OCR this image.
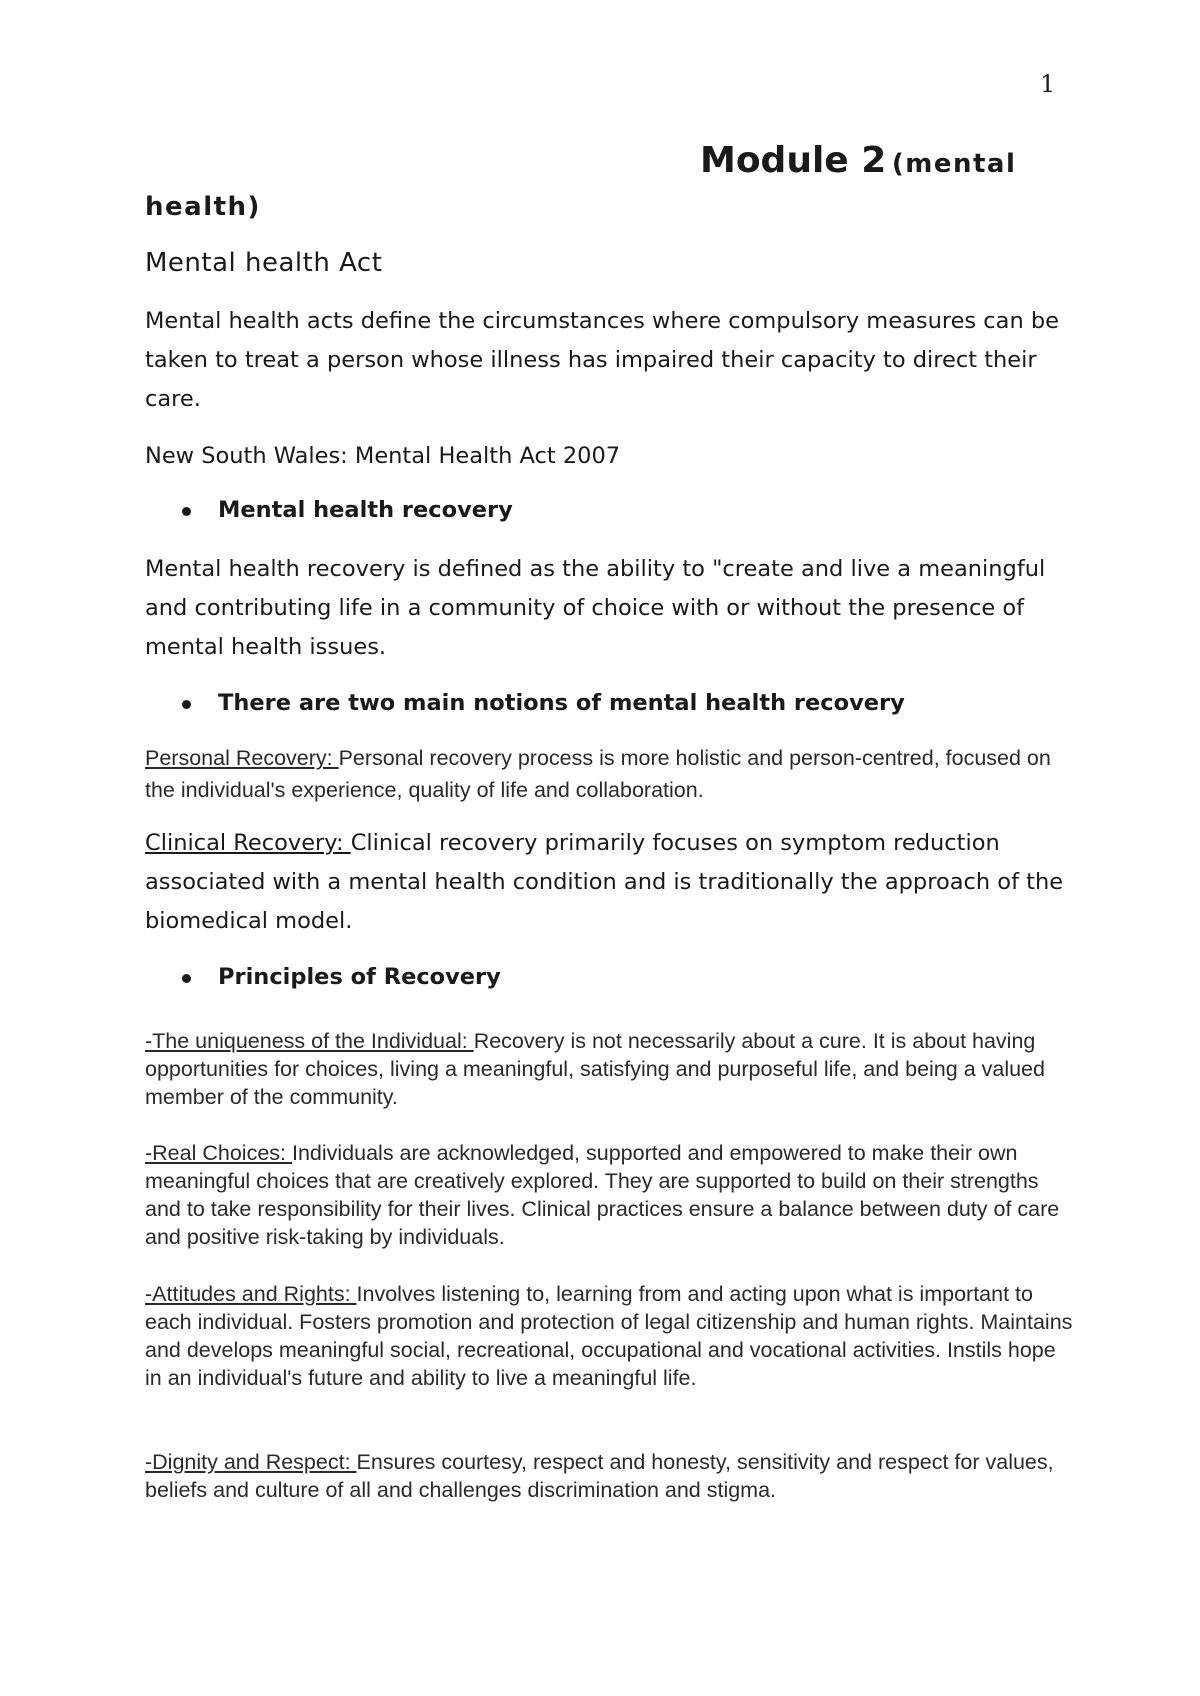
1
Module 2 (mental
health)
Mental health Act

Mental health acts define the circumstances where compulsory measures can be taken to treat a person whose illness has impaired their capacity to direct their care.

New South Wales: Mental Health Act 2007

Mental health recovery

Mental health recovery is defined as the ability to "create and live a meaningful and contributing life in a community of choice with or without the presence of mental health issues.

There are two main notions of mental health recovery

Personal Recovery: Personal recovery process is more holistic and person-centred, focused on the individual's experience, quality of life and collaboration.

Clinical Recovery: Clinical recovery primarily focuses on symptom reduction associated with a mental health condition and is traditionally the approach of the biomedical model.

Principles of Recovery

-The uniqueness of the Individual: Recovery is not necessarily about a cure. It is about having opportunities for choices, living a meaningful, satisfying and purposeful life, and being a valued member of the community.

-Real Choices: Individuals are acknowledged, supported and empowered to make their own meaningful choices that are creatively explored. They are supported to build on their strengths and to take responsibility for their lives. Clinical practices ensure a balance between duty of care and positive risk-taking by individuals.

-Attitudes and Rights: Involves listening to, learning from and acting upon what is important to each individual. Fosters promotion and protection of legal citizenship and human rights. Maintains and develops meaningful social, recreational, occupational and vocational activities. Instils hope in an individual's future and ability to live a meaningful life.

-Dignity and Respect: Ensures courtesy, respect and honesty, sensitivity and respect for values, beliefs and culture of all and challenges discrimination and stigma.
